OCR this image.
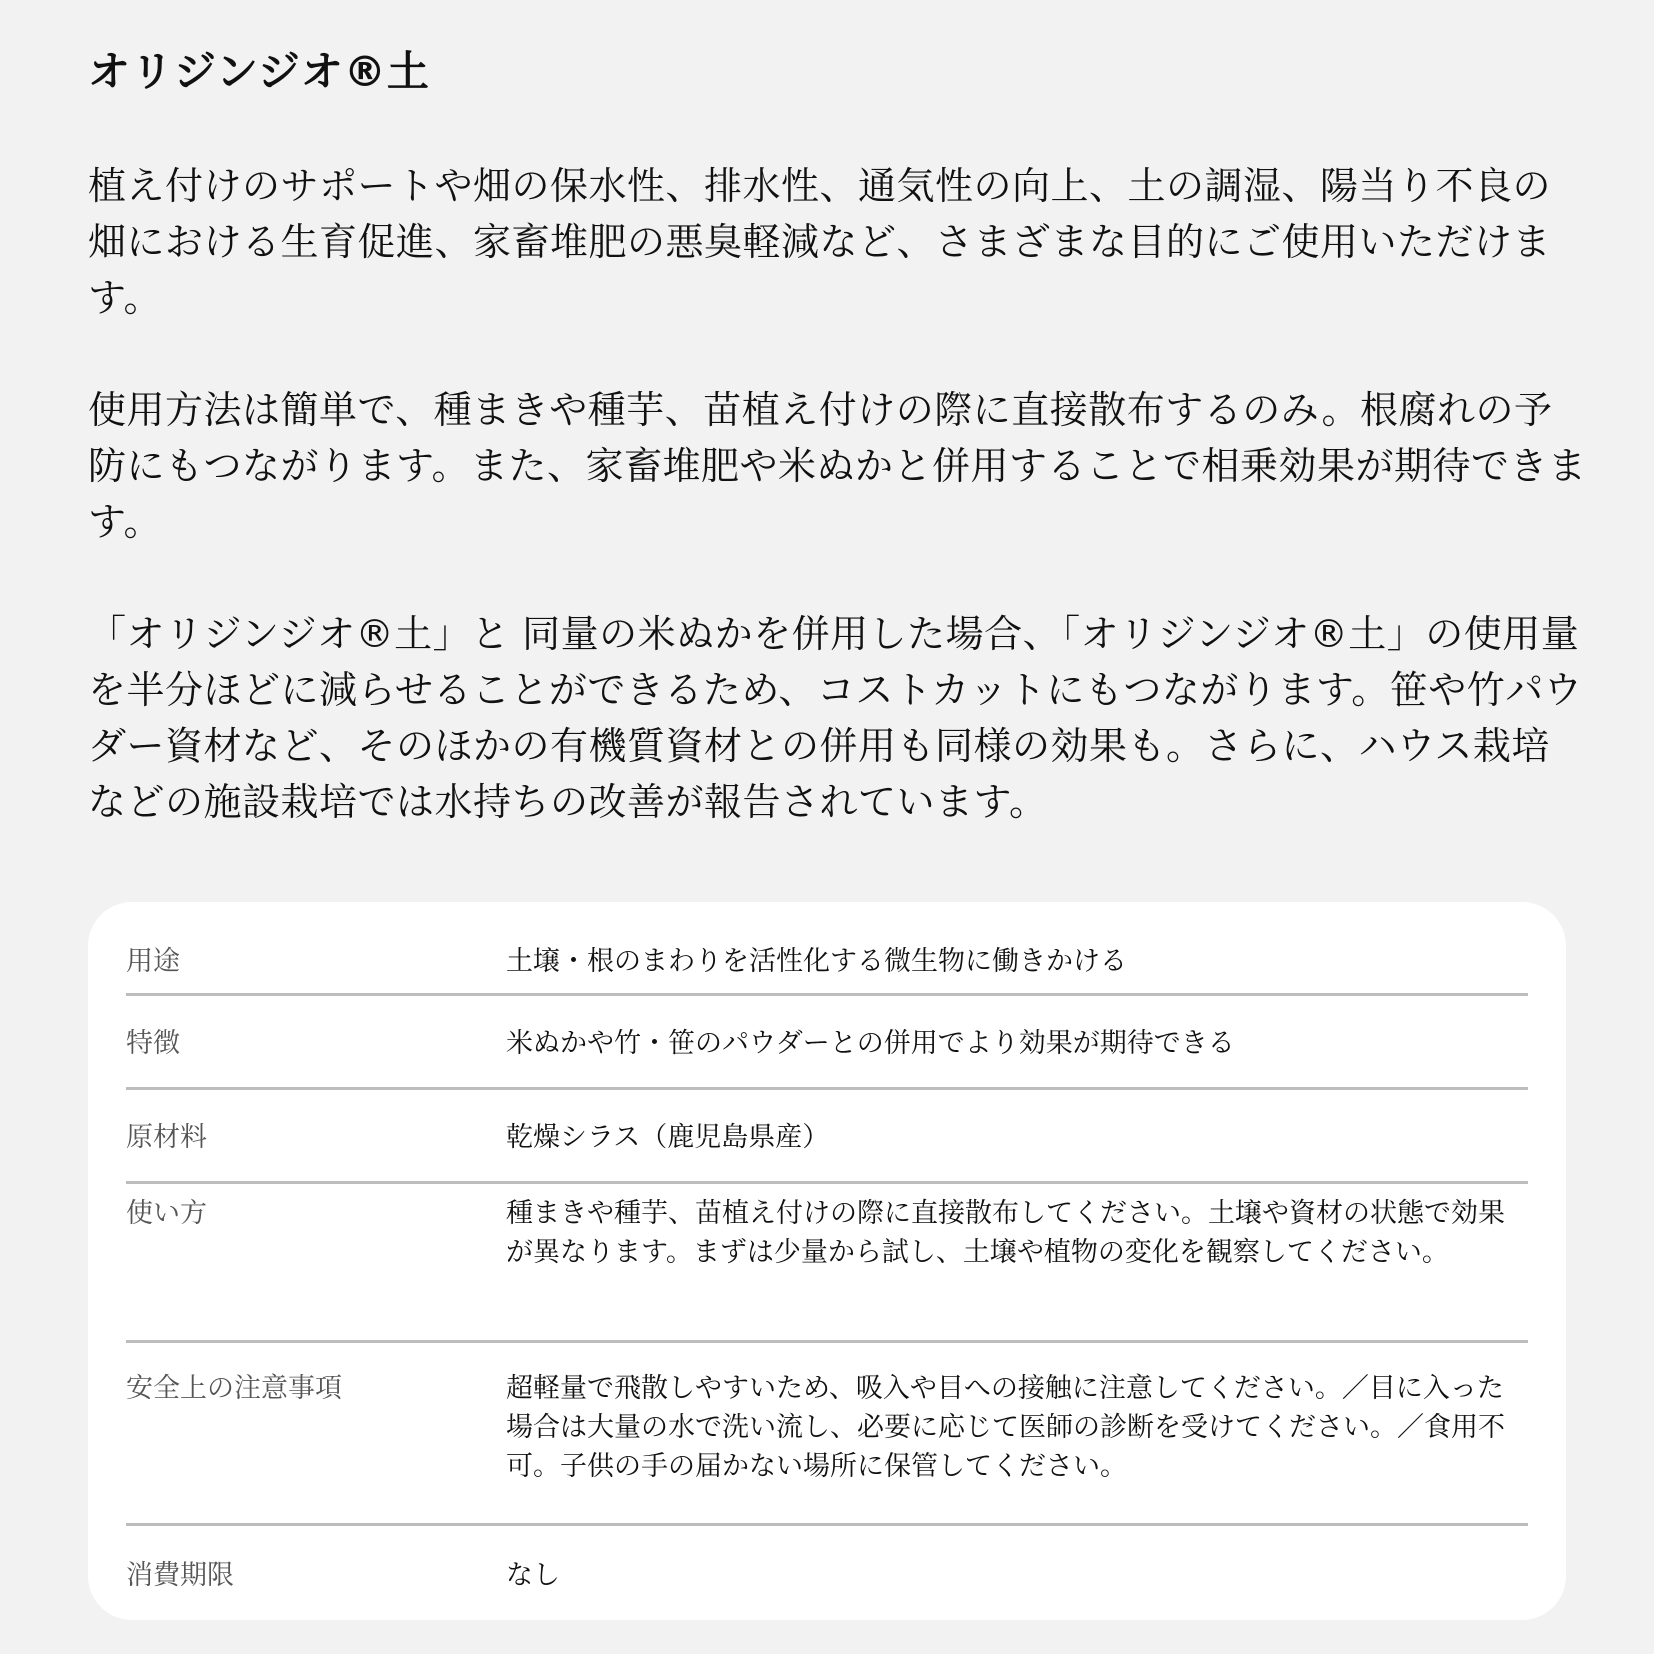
オリジンジオ®土

植え付けのサポートや畑の保水性、排水性、通気性の向上、土の調湿、陽当り不良の畑における生育促進、家畜堆肥の悪臭軽減など、さまざまな目的にご使用いただけます。

使用方法は簡単で、種まきや種芋、苗植え付けの際に直接散布するのみ。根腐れの予防にもつながります。また、家畜堆肥や米ぬかと併用することで相乗効果が期待できます。

「オリジンジオ®土」と 同量の米ぬかを併用した場合、「オリジンジオ®土」の使用量を半分ほどに減らせることができるため、コストカットにもつながります。笹や竹パウダー資材など、そのほかの有機質資材との併用も同様の効果も。さらに、ハウス栽培などの施設栽培では水持ちの改善が報告されています。

用途	土壌・根のまわりを活性化する微生物に働きかける
特徴	米ぬかや竹・笹のパウダーとの併用でより効果が期待できる
原材料	乾燥シラス（鹿児島県産）
使い方	種まきや種芋、苗植え付けの際に直接散布してください。土壌や資材の状態で効果が異なります。まずは少量から試し、土壌や植物の変化を観察してください。
安全上の注意事項	超軽量で飛散しやすいため、吸入や目への接触に注意してください。／目に入った場合は大量の水で洗い流し、必要に応じて医師の診断を受けてください。／食用不可。子供の手の届かない場所に保管してください。
消費期限	なし
